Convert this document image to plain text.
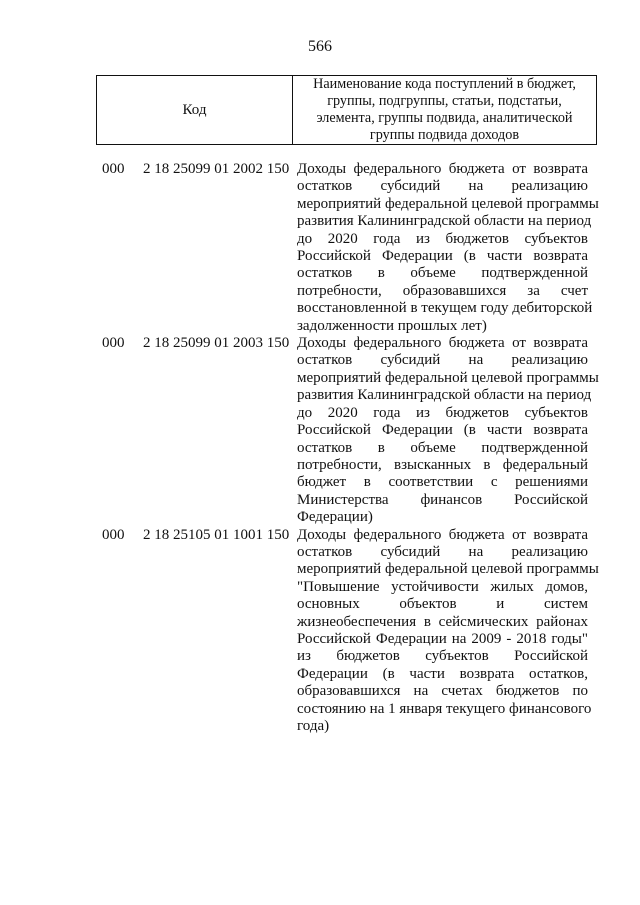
566
Код
Наименование кода поступлений в бюджет, группы, подгруппы, статьи, подстатьи, элемента, группы подвида, аналитической группы подвида доходов
000 2 18 25099 01 2002 150 Доходы федерального бюджета от возврата
остатков субсидий на реализацию
мероприятий федеральной целевой программы
развития Калининградской области на период
до 2020 года из бюджетов субъектов
Российской Федерации (в части возврата
остатков в объеме подтвержденной
потребности, образовавшихся за счет
восстановленной в текущем году дебиторской
задолженности прошлых лет)
000 2 18 25099 01 2003 150 Доходы федерального бюджета от возврата
остатков субсидий на реализацию
мероприятий федеральной целевой программы
развития Калининградской области на период
до 2020 года из бюджетов субъектов
Российской Федерации (в части возврата
остатков в объеме подтвержденной
потребности, взысканных в федеральный
бюджет в соответствии с решениями
Министерства финансов Российской
Федерации)
000 2 18 25105 01 1001 150 Доходы федерального бюджета от возврата
остатков субсидий на реализацию
мероприятий федеральной целевой программы
"Повышение устойчивости жилых домов,
основных объектов и систем
жизнеобеспечения в сейсмических районах
Российской Федерации на 2009 - 2018 годы"
из бюджетов субъектов Российской
Федерации (в части возврата остатков,
образовавшихся на счетах бюджетов по
состоянию на 1 января текущего финансового
года)
